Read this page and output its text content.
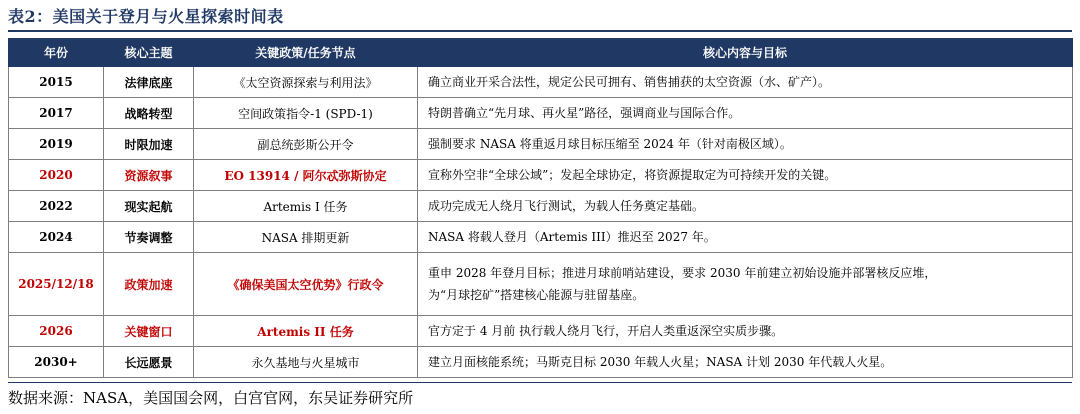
表2：美国关于登月与火星探索时间表
年份	核心主题	关键政策/任务节点	核心内容与目标
2015	法律底座	《太空资源探索与利用法》	确立商业开采合法性，规定公民可拥有、销售捕获的太空资源（水、矿产）。
2017	战略转型	空间政策指令-1 (SPD-1)	特朗普确立“先月球、再火星”路径，强调商业与国际合作。
2019	时限加速	副总统彭斯公开令	强制要求 NASA 将重返月球目标压缩至 2024 年（针对南极区域）。
2020	资源叙事	EO 13914 / 阿尔忒弥斯协定	宣称外空非“全球公域”；发起全球协定，将资源提取定为可持续开发的关键。
2022	现实起航	Artemis I 任务	成功完成无人绕月飞行测试，为载人任务奠定基础。
2024	节奏调整	NASA 排期更新	NASA 将载人登月（Artemis III）推迟至 2027 年。
2025/12/18	政策加速	《确保美国太空优势》行政令	重申 2028 年登月目标；推进月球前哨站建设，要求 2030 年前建立初始设施并部署核反应堆，
为“月球挖矿”搭建核心能源与驻留基座。

2026	关键窗口	Artemis II 任务	官方定于 4 月前 执行载人绕月飞行，开启人类重返深空实质步骤。
2030+	长远愿景	永久基地与火星城市	建立月面核能系统；马斯克目标 2030 年载人火星；NASA 计划 2030 年代载人火星。
数据来源：NASA，美国国会网，白宫官网，东吴证券研究所
